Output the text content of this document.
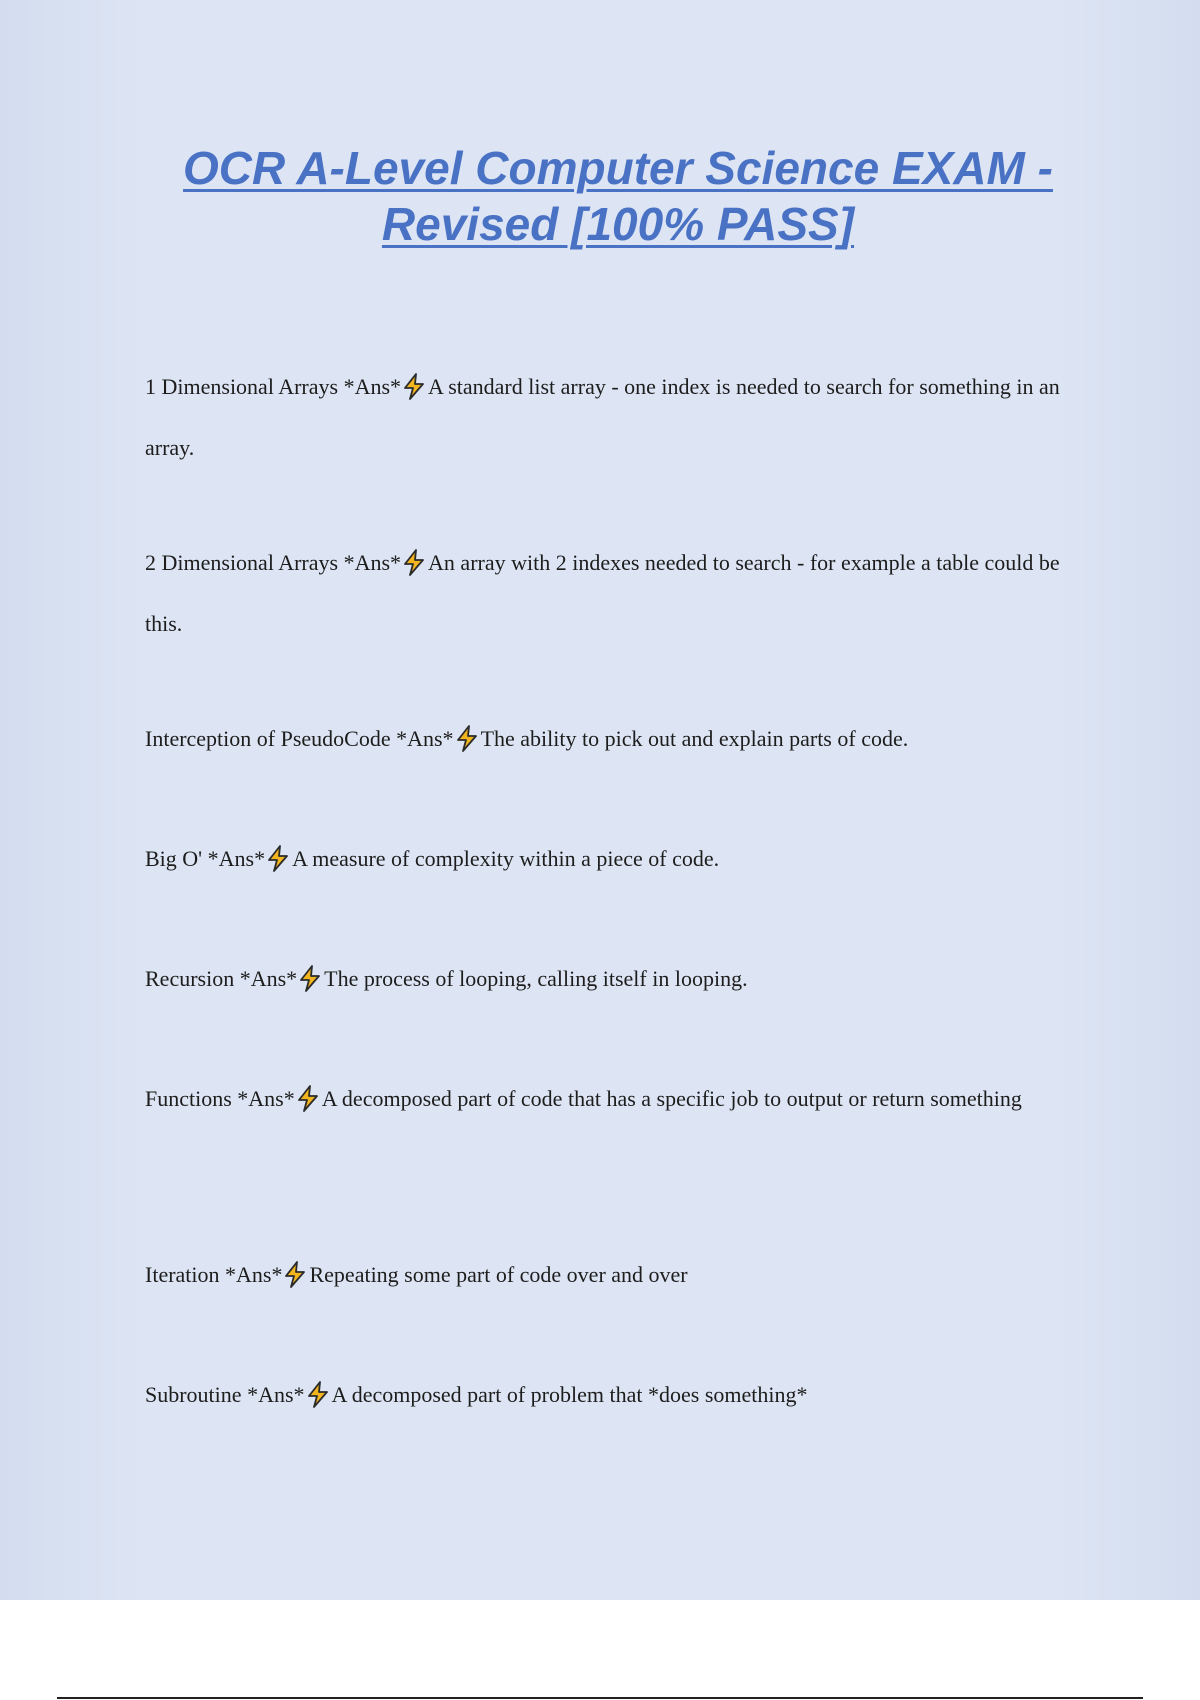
OCR A-Level Computer Science EXAM -
Revised [100% PASS]
1 Dimensional Arrays *Ans* A standard list array - one index is needed to search for something in an array.
2 Dimensional Arrays *Ans* An array with 2 indexes needed to search - for example a table could be this.
Interception of PseudoCode *Ans* The ability to pick out and explain parts of code.
Big O' *Ans* A measure of complexity within a piece of code.
Recursion *Ans* The process of looping, calling itself in looping.
Functions *Ans* A decomposed part of code that has a specific job to output or return something
Iteration *Ans* Repeating some part of code over and over
Subroutine *Ans* A decomposed part of problem that *does something*
